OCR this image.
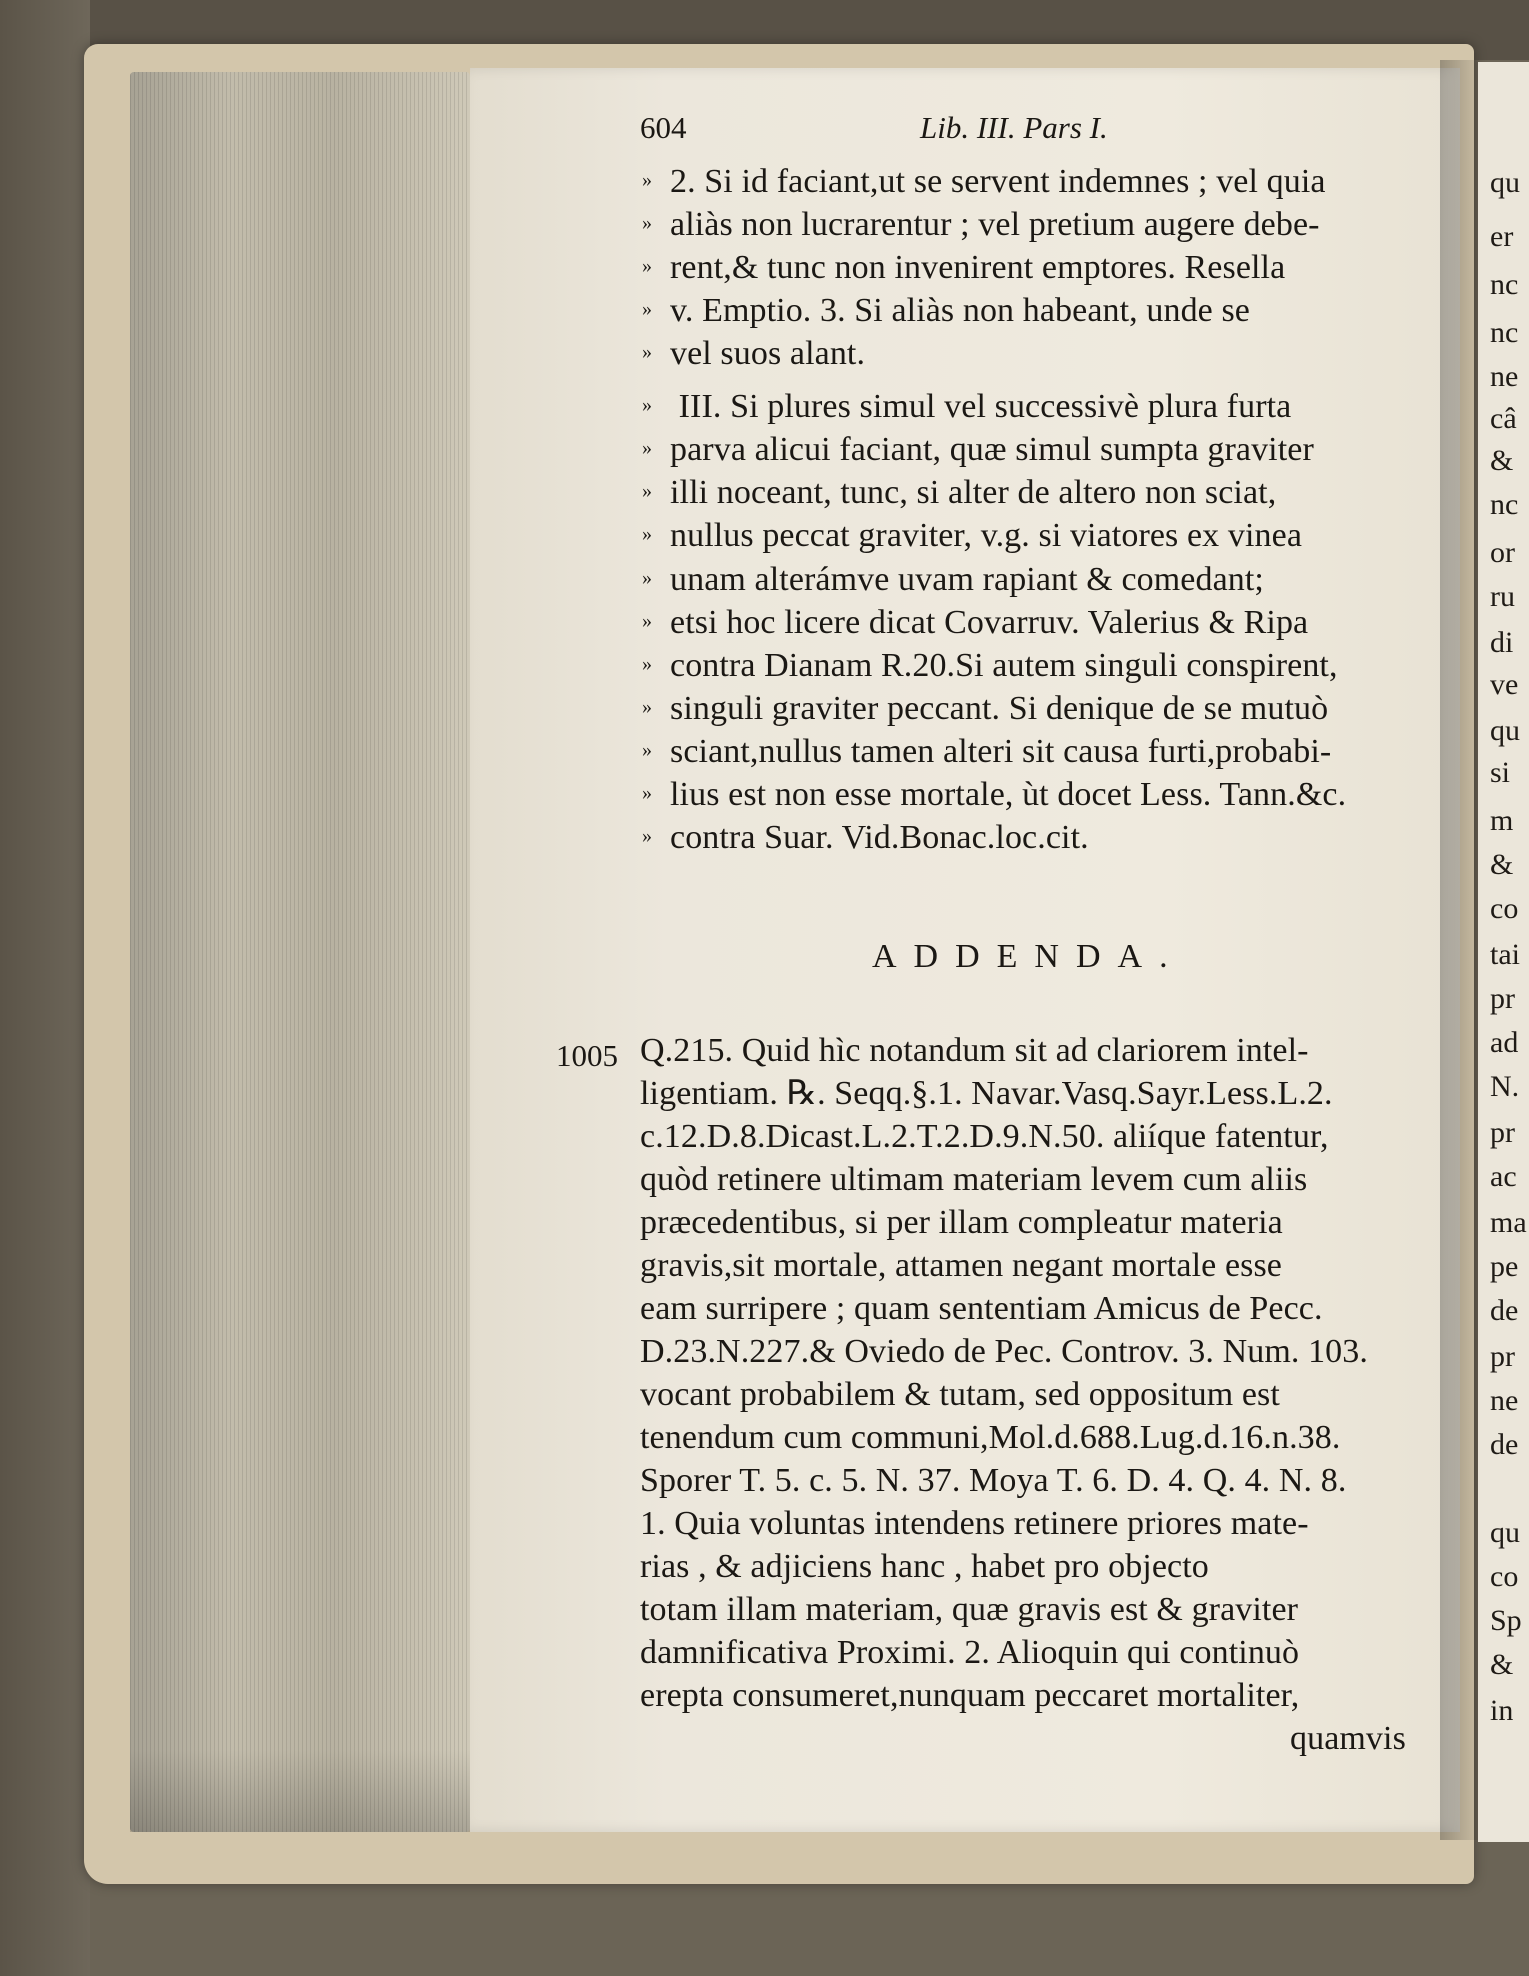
qu
er
nc
nc
ne
câ
&
nc
or
ru
di
ve
qu
si
m
&
co
tai
pr
ad
N.
pr
ac
ma
pe
de
pr
ne
de
qu
co
Sp
&
in
604	Lib. III. Pars I.
» 2. Si id faciant,ut se servent indemnes ; vel quia
» aliàs non lucrarentur ; vel pretium augere debe-
» rent,& tunc non invenirent emptores. Resella
» v. Emptio. 3. Si aliàs non habeant, unde se
» vel suos alant.
» III. Si plures simul vel successivè plura furta
» parva alicui faciant, quæ simul sumpta graviter
» illi noceant, tunc, si alter de altero non sciat,
» nullus peccat graviter, v.g. si viatores ex vinea
» unam alterámve uvam rapiant & comedant;
» etsi hoc licere dicat Covarruv. Valerius & Ripa
» contra Dianam R.20.Si autem singuli conspirent,
» singuli graviter peccant. Si denique de se mutuò
» sciant,nullus tamen alteri sit causa furti,probabi-
» lius est non esse mortale, ùt docet Less. Tann.&c.
» contra Suar. Vid.Bonac.loc.cit.
ADDENDA.
1005 Q.215. Quid hìc notandum sit ad clariorem intel-
ligentiam. ℞. Seqq.§.1. Navar.Vasq.Sayr.Less.L.2.
c.12.D.8.Dicast.L.2.T.2.D.9.N.50. aliíque fatentur,
quòd retinere ultimam materiam levem cum aliis
præcedentibus, si per illam compleatur materia
gravis,sit mortale, attamen negant mortale esse
eam surripere ; quam sententiam Amicus de Pecc.
D.23.N.227.& Oviedo de Pec. Controv. 3. Num. 103.
vocant probabilem & tutam, sed oppositum est
tenendum cum communi,Mol.d.688.Lug.d.16.n.38.
Sporer T. 5. c. 5. N. 37. Moya T. 6. D. 4. Q. 4. N. 8.
1. Quia voluntas intendens retinere priores mate-
rias , & adjiciens hanc , habet pro objecto
totam illam materiam, quæ gravis est & graviter
damnificativa Proximi. 2. Alioquin qui continuò
erepta consumeret,nunquam peccaret mortaliter,
quamvis
